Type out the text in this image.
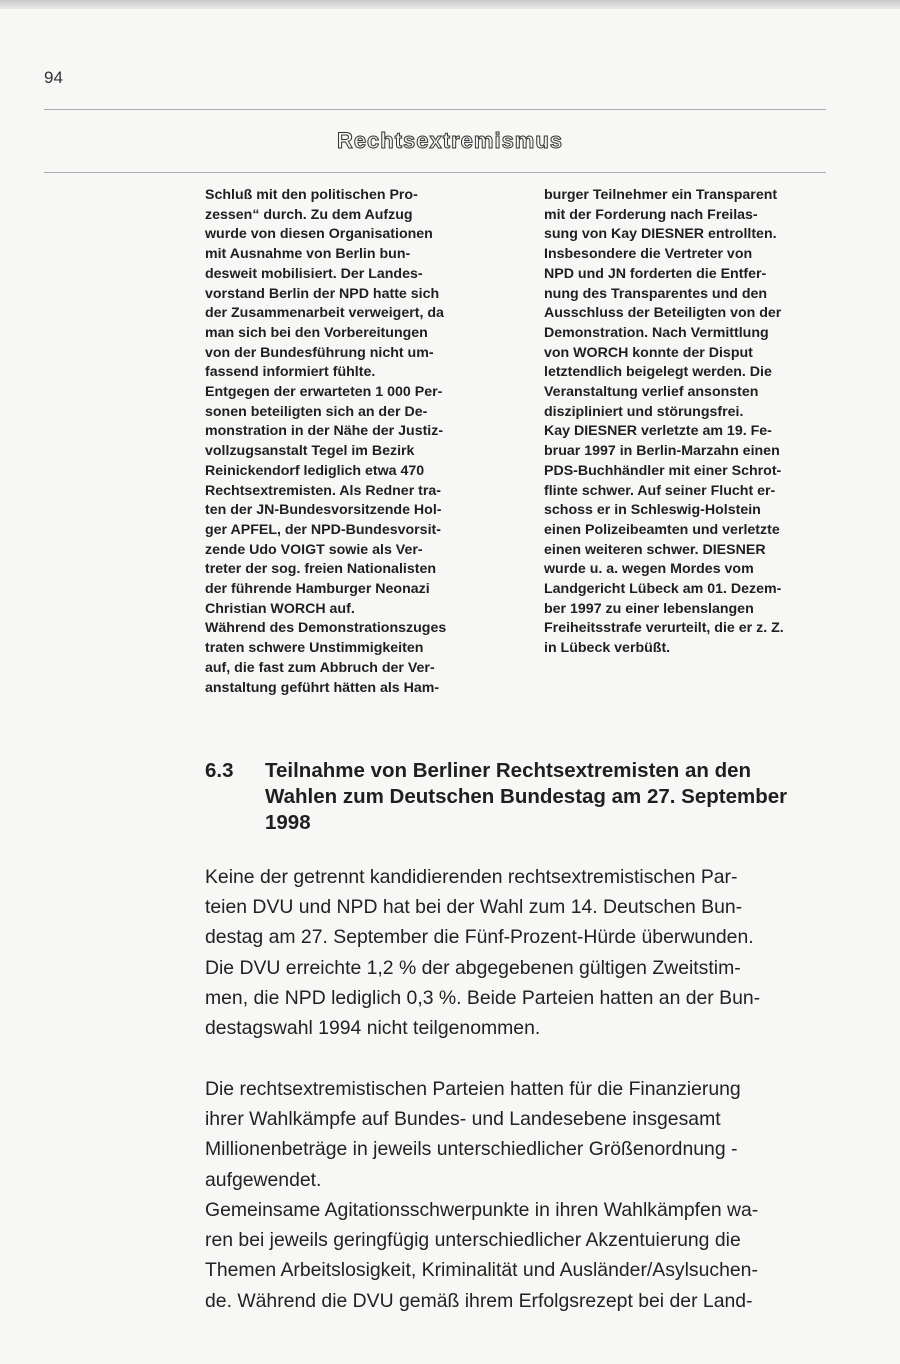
94
Rechtsextremismus

Schluß mit den politischen Pro-
zessen“ durch. Zu dem Aufzug
wurde von diesen Organisationen
mit Ausnahme von Berlin bun-
desweit mobilisiert. Der Landes-
vorstand Berlin der NPD hatte sich
der Zusammenarbeit verweigert, da
man sich bei den Vorbereitungen
von der Bundesführung nicht um-
fassend informiert fühlte.

Entgegen der erwarteten 1 000 Per-
sonen beteiligten sich an der De-
monstration in der Nähe der Justiz-
vollzugsanstalt Tegel im Bezirk
Reinickendorf lediglich etwa 470
Rechtsextremisten. Als Redner tra-
ten der JN-Bundesvorsitzende Hol-
ger APFEL, der NPD-Bundesvorsit-
zende Udo VOIGT sowie als Ver-
treter der sog. freien Nationalisten
der führende Hamburger Neonazi
Christian WORCH auf.

Während des Demonstrationszuges
traten schwere Unstimmigkeiten
auf, die fast zum Abbruch der Ver-
anstaltung geführt hätten als Ham-

burger Teilnehmer ein Transparent
mit der Forderung nach Freilas-
sung von Kay DIESNER entrollten.
Insbesondere die Vertreter von
NPD und JN forderten die Entfer-
nung des Transparentes und den
Ausschluss der Beteiligten von der
Demonstration. Nach Vermittlung
von WORCH konnte der Disput
letztendlich beigelegt werden. Die
Veranstaltung verlief ansonsten
diszipliniert und störungsfrei.

Kay DIESNER verletzte am 19. Fe-
bruar 1997 in Berlin-Marzahn einen
PDS-Buchhändler mit einer Schrot-
flinte schwer. Auf seiner Flucht er-
schoss er in Schleswig-Holstein
einen Polizeibeamten und verletzte
einen weiteren schwer. DIESNER
wurde u. a. wegen Mordes vom
Landgericht Lübeck am 01. Dezem-
ber 1997 zu einer lebenslangen
Freiheitsstrafe verurteilt, die er z. Z.
in Lübeck verbüßt.

6.3 Teilnahme von Berliner Rechtsextremisten an den
Wahlen zum Deutschen Bundestag am 27. September
1998

Keine der getrennt kandidierenden rechtsextremistischen Par-
teien DVU und NPD hat bei der Wahl zum 14. Deutschen Bun-
destag am 27. September die Fünf-Prozent-Hürde überwunden.
Die DVU erreichte 1,2 % der abgegebenen gültigen Zweitstim-
men, die NPD lediglich 0,3 %. Beide Parteien hatten an der Bun-
destagswahl 1994 nicht teilgenommen.

Die rechtsextremistischen Parteien hatten für die Finanzierung
ihrer Wahlkämpfe auf Bundes- und Landesebene insgesamt
Millionenbeträge in jeweils unterschiedlicher Größenordnung -
aufgewendet.

Gemeinsame Agitationsschwerpunkte in ihren Wahlkämpfen wa-
ren bei jeweils geringfügig unterschiedlicher Akzentuierung die
Themen Arbeitslosigkeit, Kriminalität und Ausländer/Asylsuchen-
de. Während die DVU gemäß ihrem Erfolgsrezept bei der Land-
